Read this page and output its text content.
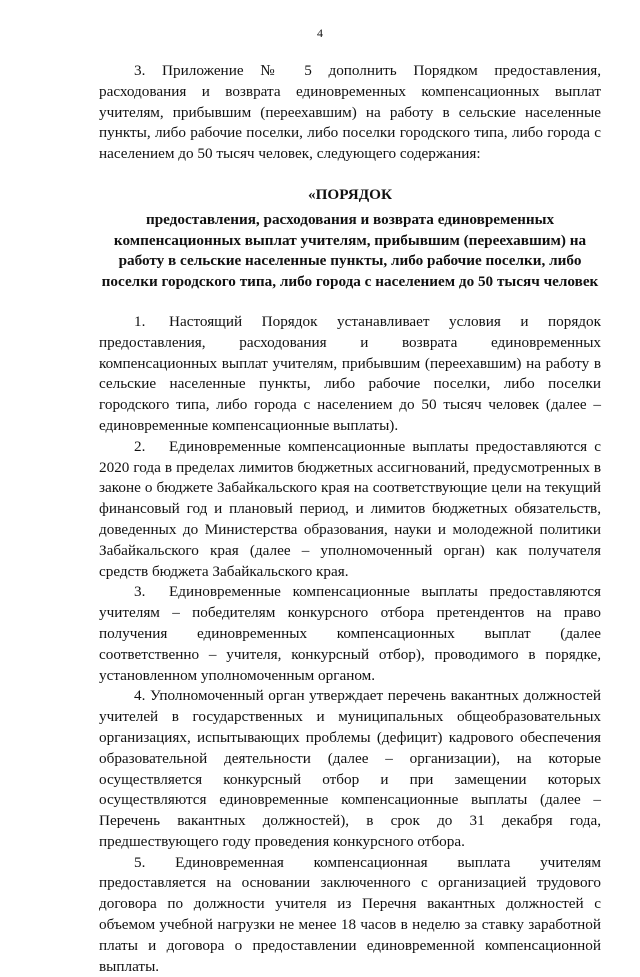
4

3. Приложение № 5 дополнить Порядком предоставления, расходования и возврата единовременных компенсационных выплат учителям, прибывшим (переехавшим) на работу в сельские населенные пункты, либо рабочие поселки, либо поселки городского типа, либо города с населением до 50 тысяч человек, следующего содержания:

«ПОРЯДОК

предоставления, расходования и возврата единовременных компенсационных выплат учителям, прибывшим (переехавшим) на работу в сельские населенные пункты, либо рабочие поселки, либо поселки городского типа, либо города с населением до 50 тысяч человек

1. Настоящий Порядок устанавливает условия и порядок предоставления, расходования и возврата единовременных компенсационных выплат учителям, прибывшим (переехавшим) на работу в сельские населенные пункты, либо рабочие поселки, либо поселки городского типа, либо города с населением до 50 тысяч человек (далее – единовременные компенсационные выплаты).

2. Единовременные компенсационные выплаты предоставляются с 2020 года в пределах лимитов бюджетных ассигнований, предусмотренных в законе о бюджете Забайкальского края на соответствующие цели на текущий финансовый год и плановый период, и лимитов бюджетных обязательств, доведенных до Министерства образования, науки и молодежной политики Забайкальского края (далее – уполномоченный орган) как получателя средств бюджета Забайкальского края.

3. Единовременные компенсационные выплаты предоставляются учителям – победителям конкурсного отбора претендентов на право получения единовременных компенсационных выплат (далее соответственно – учителя, конкурсный отбор), проводимого в порядке, установленном уполномоченным органом.

4. Уполномоченный орган утверждает перечень вакантных должностей учителей в государственных и муниципальных общеобразовательных организациях, испытывающих проблемы (дефицит) кадрового обеспечения образовательной деятельности (далее – организации), на которые осуществляется конкурсный отбор и при замещении которых осуществляются единовременные компенсационные выплаты (далее – Перечень вакантных должностей), в срок до 31 декабря года, предшествующего году проведения конкурсного отбора.

5. Единовременная компенсационная выплата учителям предоставляется на основании заключенного с организацией трудового договора по должности учителя из Перечня вакантных должностей с объемом учебной нагрузки не менее 18 часов в неделю за ставку заработной платы и договора о предоставлении единовременной компенсационной выплаты.
